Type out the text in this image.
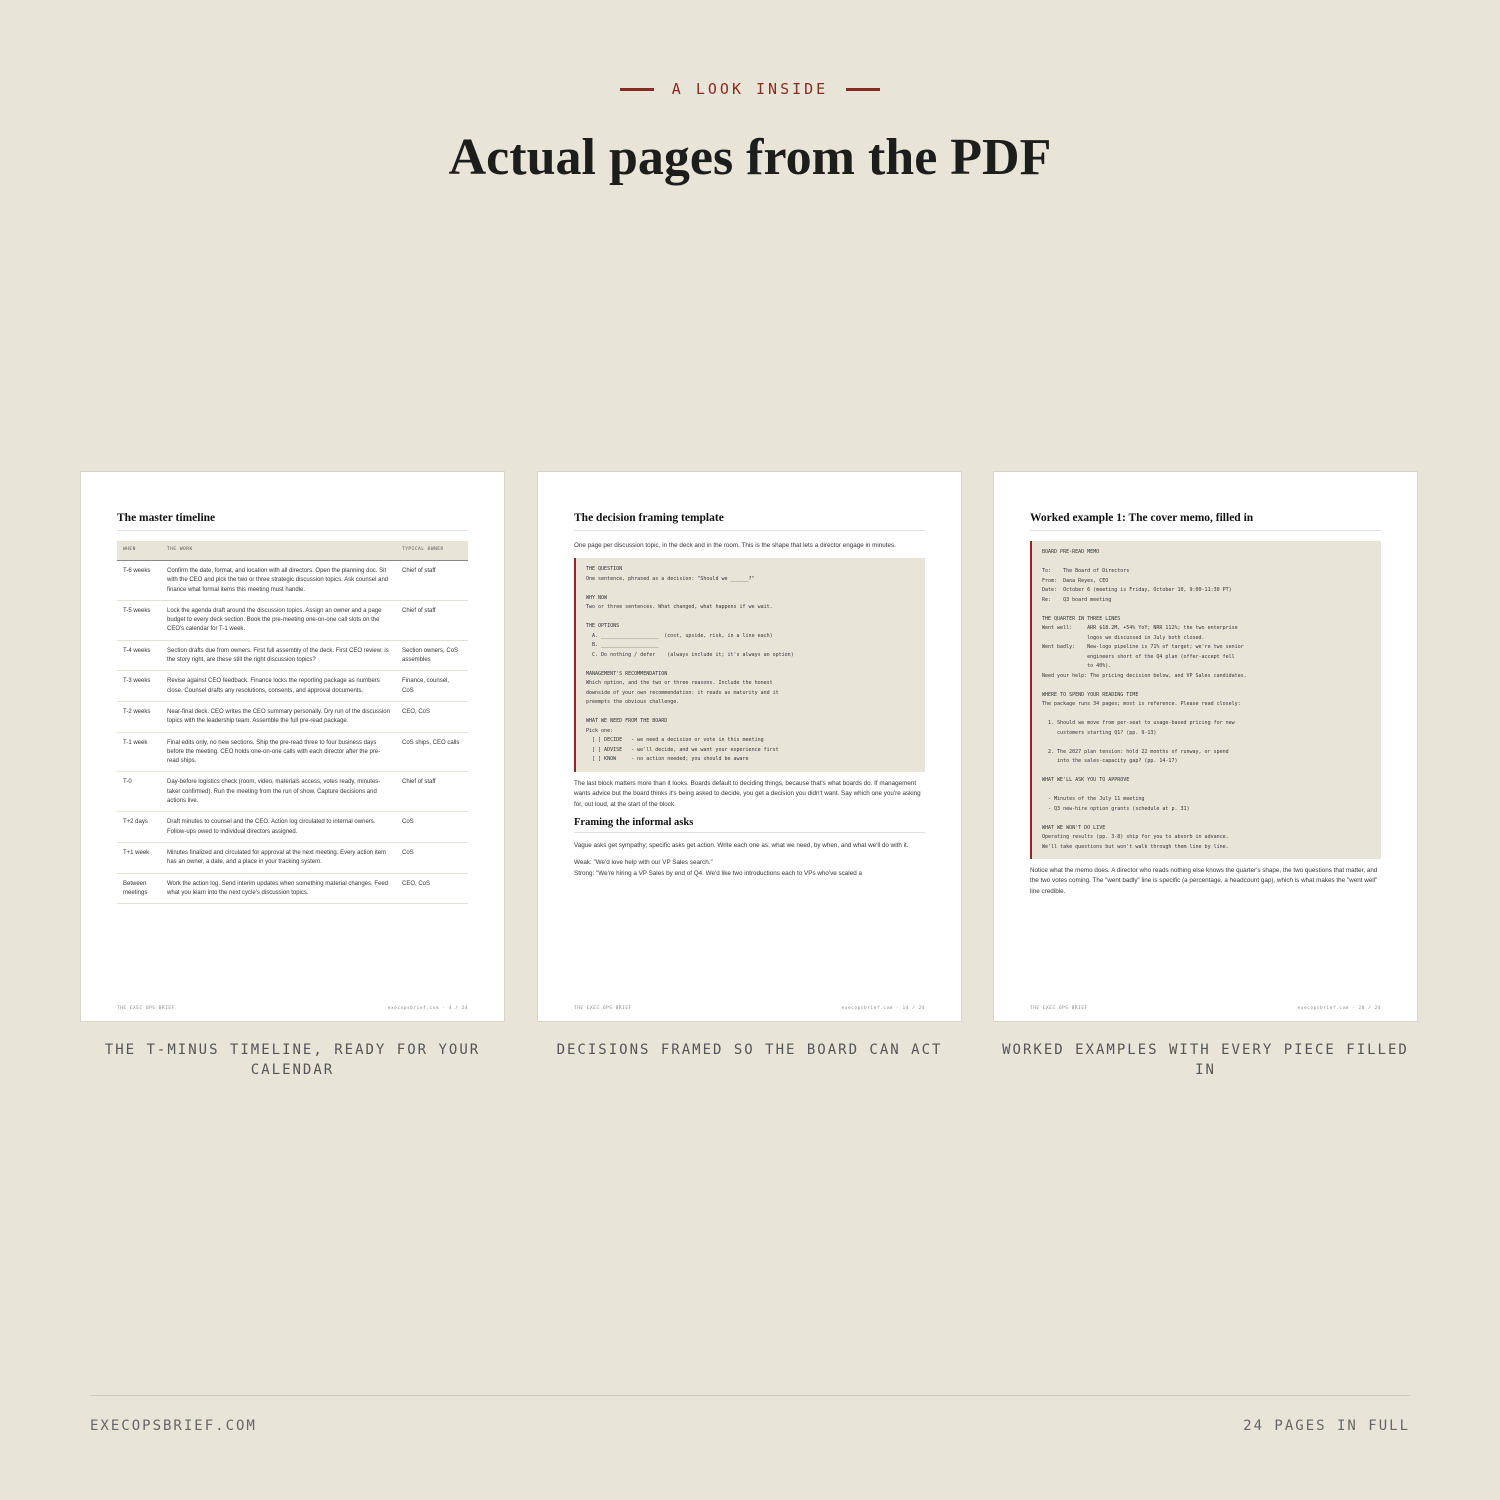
A LOOK INSIDE
Actual pages from the PDF
The master timeline
WHEN	THE WORK	TYPICAL OWNER
T-6 weeks	Confirm the date, format, and location with all directors. Open the planning doc. Sit with the CEO and pick the two or three strategic discussion topics. Ask counsel and finance what formal items this meeting must handle.	Chief of staff
T-5 weeks	Lock the agenda draft around the discussion topics. Assign an owner and a page budget to every deck section. Book the pre-meeting one-on-one call slots on the CEO's calendar for T-1 week.	Chief of staff
T-4 weeks	Section drafts due from owners. First full assembly of the deck. First CEO review: is the story right, are these still the right discussion topics?	Section owners, CoS assembles
T-3 weeks	Revise against CEO feedback. Finance locks the reporting package as numbers close. Counsel drafts any resolutions, consents, and approval documents.	Finance, counsel, CoS
T-2 weeks	Near-final deck. CEO writes the CEO summary personally. Dry run of the discussion topics with the leadership team. Assemble the full pre-read package.	CEO, CoS
T-1 week	Final edits only, no new sections. Ship the pre-read three to four business days before the meeting. CEO holds one-on-one calls with each director after the pre-read ships.	CoS ships, CEO calls
T-0	Day-before logistics check (room, video, materials access, votes ready, minutes-taker confirmed). Run the meeting from the run of show. Capture decisions and actions live.	Chief of staff
T+2 days	Draft minutes to counsel and the CEO. Action log circulated to internal owners. Follow-ups owed to individual directors assigned.	CoS
T+1 week	Minutes finalized and circulated for approval at the next meeting. Every action item has an owner, a date, and a place in your tracking system.	CoS
Between meetings	Work the action log. Send interim updates when something material changes. Feed what you learn into the next cycle's discussion topics.	CEO, CoS
THE EXEC OPS BRIEF	execopsbrief.com · 4 / 24
The decision framing template

One page per discussion topic, in the deck and in the room. This is the shape that lets a director engage in minutes.

THE QUESTION
One sentence, phrased as a decision: "Should we ______?"

WHY NOW
Two or three sentences. What changed, what happens if we wait.

THE OPTIONS
A. ___________________  (cost, upside, risk, in a line each)
B. ___________________
C. Do nothing / defer    (always include it; it's always an option)

MANAGEMENT'S RECOMMENDATION
Which option, and the two or three reasons. Include the honest
downside of your own recommendation: it reads as maturity and it
preempts the obvious challenge.

WHAT WE NEED FROM THE BOARD
Pick one:
[ ] DECIDE   - we need a decision or vote in this meeting
[ ] ADVISE   - we'll decide, and we want your experience first
[ ] KNOW     - no action needed; you should be aware

The last block matters more than it looks. Boards default to deciding things, because that's what boards do. If management wants advice but the board thinks it's being asked to decide, you get a decision you didn't want. Say which one you're asking for, out loud, at the start of the block.

Framing the informal asks

Vague asks get sympathy; specific asks get action. Write each one as: what we need, by when, and what we'll do with it.

Weak: "We'd love help with our VP Sales search."

Strong: "We're hiring a VP Sales by end of Q4. We'd like two introductions each to VPs who've scaled a

THE EXEC OPS BRIEF	execopsbrief.com · 14 / 24
Worked example 1: The cover memo, filled in
BOARD PRE-READ MEMO

To:    The Board of Directors
From:  Dana Reyes, CEO
Date:  October 6 (meeting is Friday, October 10, 9:00-11:30 PT)
Re:    Q3 board meeting

THE QUARTER IN THREE LINES
Went well:     ARR $18.2M, +54% YoY; NRR 112%; the two enterprise
logos we discussed in July both closed.
Went badly:    New-logo pipeline is 71% of target; we're two senior
engineers short of the Q4 plan (offer-accept fell
to 40%).
Need your help: The pricing decision below, and VP Sales candidates.

WHERE TO SPEND YOUR READING TIME
The package runs 34 pages; most is reference. Please read closely:

1. Should we move from per-seat to usage-based pricing for new
customers starting Q1? (pp. 9-13)

2. The 2027 plan tension: hold 22 months of runway, or spend
into the sales-capacity gap? (pp. 14-17)

WHAT WE'LL ASK YOU TO APPROVE

- Minutes of the July 11 meeting
- Q3 new-hire option grants (schedule at p. 31)

WHAT WE WON'T DO LIVE
Operating results (pp. 3-8) ship for you to absorb in advance.
We'll take questions but won't walk through them line by line.

Notice what the memo does. A director who reads nothing else knows the quarter's shape, the two questions that matter, and the two votes coming. The "went badly" line is specific (a percentage, a headcount gap), which is what makes the "went well" line credible.

THE EXEC OPS BRIEF	execopsbrief.com · 20 / 24
THE T-MINUS TIMELINE, READY FOR YOUR CALENDAR
DECISIONS FRAMED SO THE BOARD CAN ACT	WORKED EXAMPLES WITH EVERY PIECE FILLED IN
EXECOPSBRIEF.COM	24 PAGES IN FULL
